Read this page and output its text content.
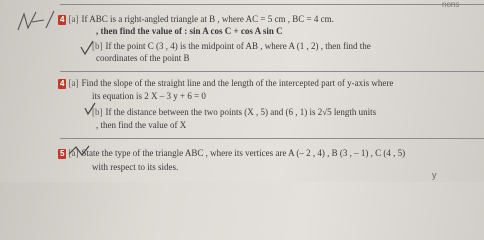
nons
4 [a] If ABC is a right-angled triangle at B , where AC = 5 cm , BC = 4 cm.
, then find the value of : sin A cos C + cos A sin C
[b] If the point C (3 , 4) is the midpoint of AB , where A (1 , 2) , then find the
coordinates of the point B
4 [a] Find the slope of the straight line and the length of the intercepted part of y-axis where
its equation is 2 X – 3 y + 6 = 0
[b] If the distance between the two points (X , 5) and (6 , 1) is 2√5 length units
, then find the value of X
5 [a] State the type of the triangle ABC , where its vertices are A (– 2 , 4) , B (3 , – 1) , C (4 , 5)
with respect to its sides.
y
